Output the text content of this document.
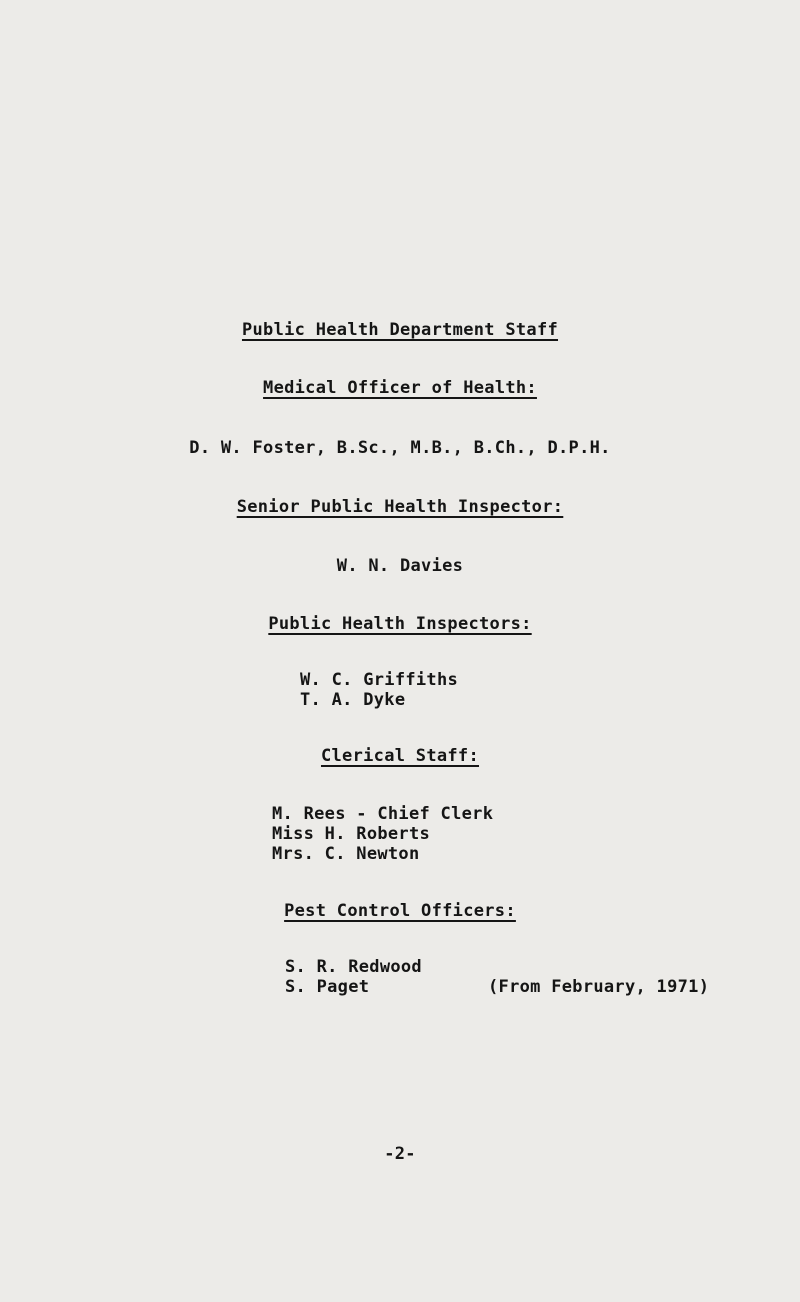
Public Health Department Staff
Medical Officer of Health:
D. W. Foster, B.Sc., M.B., B.Ch., D.P.H.
Senior Public Health Inspector:
W. N. Davies
Public Health Inspectors:
W. C. Griffiths
T. A. Dyke
Clerical Staff:
M. Rees - Chief Clerk
Miss H. Roberts
Mrs. C. Newton
Pest Control Officers:
S. R. Redwood
S. Paget	(From February, 1971)
-2-
